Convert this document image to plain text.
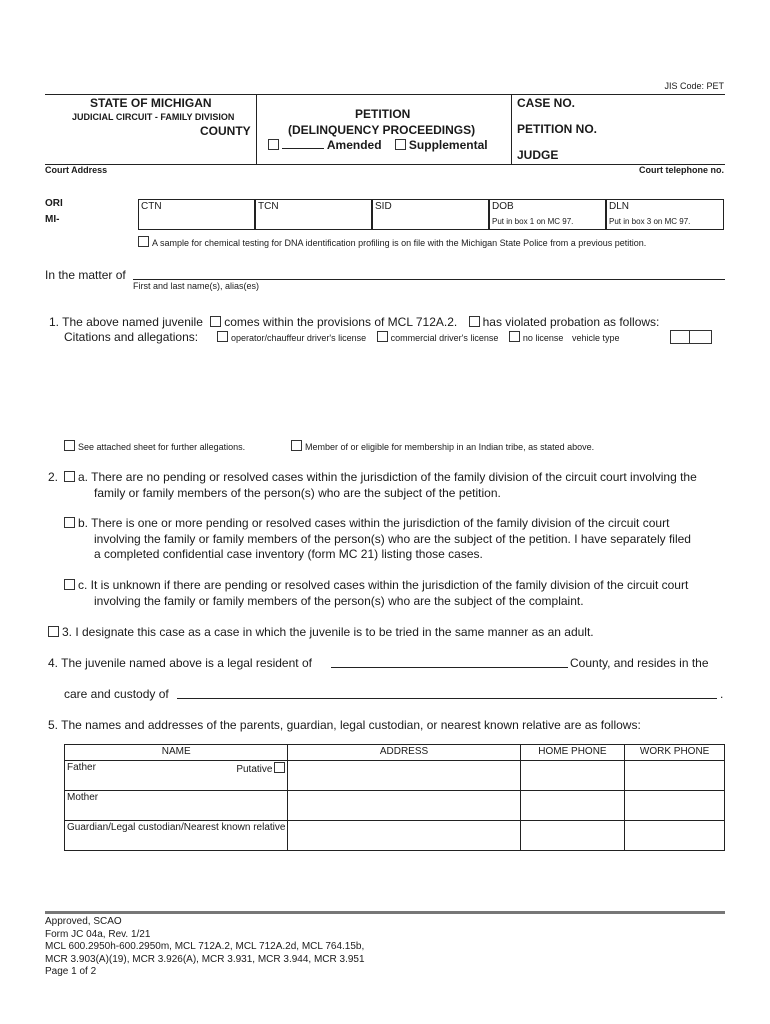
JIS Code: PET
STATE OF MICHIGAN
JUDICIAL CIRCUIT - FAMILY DIVISION
COUNTY
PETITION
(DELINQUENCY PROCEEDINGS)
Amended Supplemental
CASE NO.
PETITION NO.
JUDGE
Court Address	Court telephone no.
ORI
MI-
CTN	TCN	SID	DOB
Put in box 1 on MC 97.
DLN
Put in box 3 on MC 97.
A sample for chemical testing for DNA identification profiling is on file with the Michigan State Police from a previous petition.
In the matter of
First and last name(s), alias(es)
1. The above named juvenile comes within the provisions of MCL 712A.2. has violated probation as follows:
Citations and allegations:	operator/chauffeur driver's license	commercial driver's license	no license vehicle type
See attached sheet for further allegations.	Member of or eligible for membership in an Indian tribe, as stated above.
2.	a. There are no pending or resolved cases within the jurisdiction of the family division of the circuit court involving the
family or family members of the person(s) who are the subject of the petition.
b. There is one or more pending or resolved cases within the jurisdiction of the family division of the circuit court
involving the family or family members of the person(s) who are the subject of the petition. I have separately filed
a completed confidential case inventory (form MC 21) listing those cases.
c. It is unknown if there are pending or resolved cases within the jurisdiction of the family division of the circuit court
involving the family or family members of the person(s) who are the subject of the complaint.
3. I designate this case as a case in which the juvenile is to be tried in the same manner as an adult.
4. The juvenile named above is a legal resident of	County, and resides in the
care and custody of	.
5. The names and addresses of the parents, guardian, legal custodian, or nearest known relative are as follows:
NAME	ADDRESS	HOME PHONE	WORK PHONE
Father Putative			

Mother			
Guardian/Legal custodian/Nearest known relative			
Approved, SCAO
Form JC 04a, Rev. 1/21
MCL 600.2950h-600.2950m, MCL 712A.2, MCL 712A.2d, MCL 764.15b,
MCR 3.903(A)(19), MCR 3.926(A), MCR 3.931, MCR 3.944, MCR 3.951
Page 1 of 2
